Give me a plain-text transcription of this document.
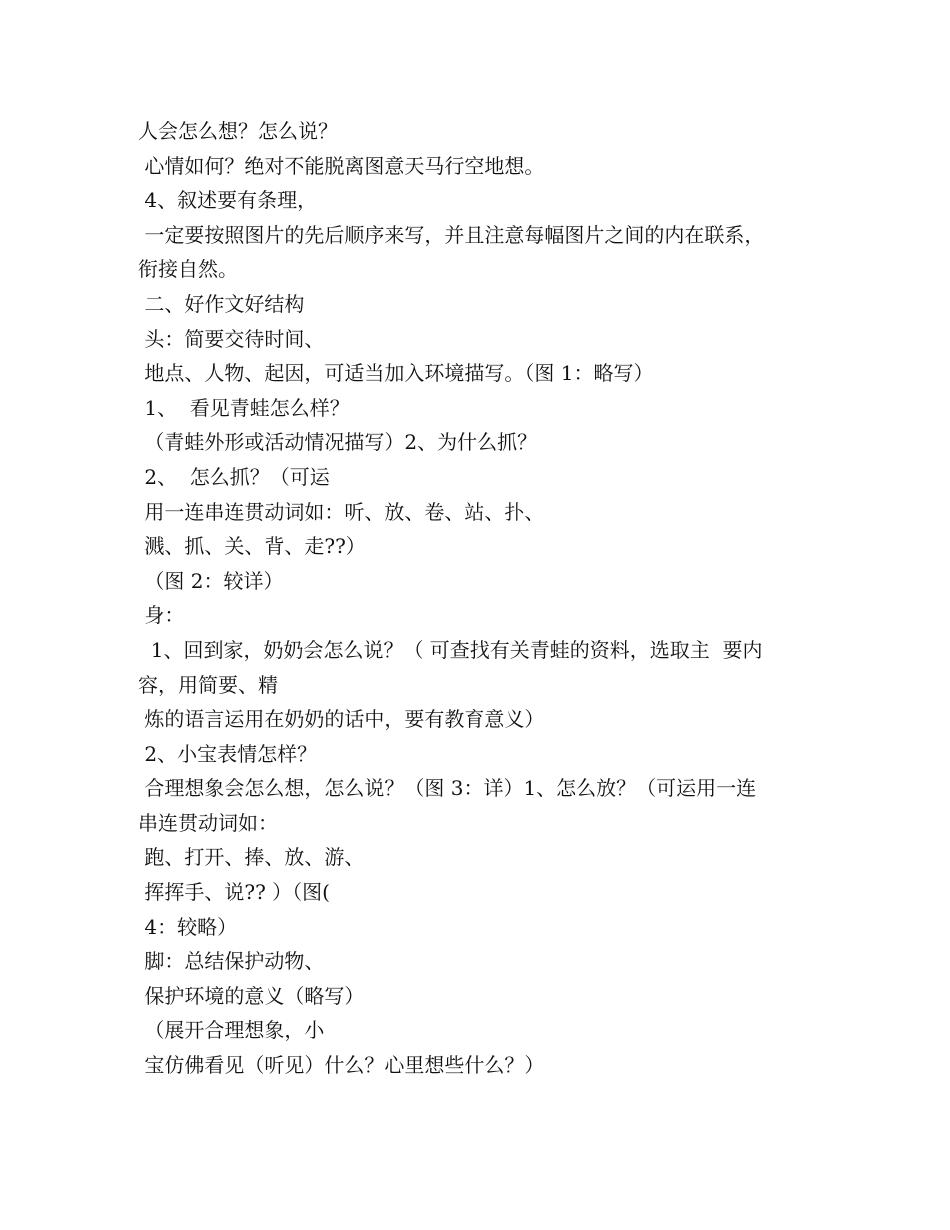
人会怎么想？怎么说？
心情如何？绝对不能脱离图意天马行空地想。
4、叙述要有条理，
一定要按照图片的先后顺序来写，并且注意每幅图片之间的内在联系，
衔接自然。
二、好作文好结构
头：简要交待时间、
地点、人物、起因，可适当加入环境描写。（图 1：略写）
1、  看见青蛙怎么样？
（青蛙外形或活动情况描写）2、为什么抓？
2、  怎么抓？（可运
用一连串连贯动词如：听、放、卷、站、扑、
溅、抓、关、背、走??）
（图 2：较详）
身：
1、回到家，奶奶会怎么说？（ 可查找有关青蛙的资料，选取主  要内
容，用简要、精
炼的语言运用在奶奶的话中，要有教育意义）
2、小宝表情怎样？
合理想象会怎么想，怎么说？（图 3：详）1、怎么放？（可运用一连
串连贯动词如：
跑、打开、捧、放、游、
挥挥手、说?? ）（图(
4：较略）
脚：总结保护动物、
保护环境的意义（略写）
（展开合理想象，小
宝仿佛看见（听见）什么？心里想些什么？）
